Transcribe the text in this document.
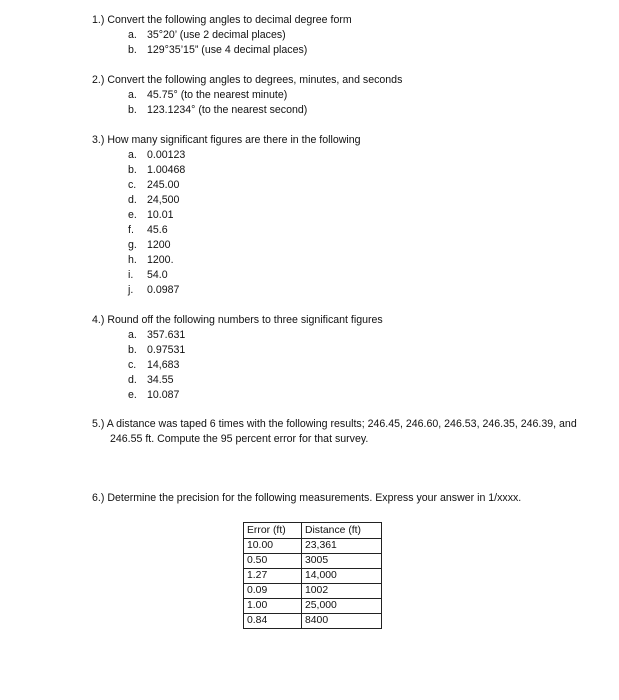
1.) Convert the following angles to decimal degree form
a. 35°20’ (use 2 decimal places)
b. 129°35’15” (use 4 decimal places)
2.) Convert the following angles to degrees, minutes, and seconds
a. 45.75° (to the nearest minute)
b. 123.1234° (to the nearest second)
3.) How many significant figures are there in the following
a. 0.00123
b. 1.00468
c. 245.00
d. 24,500
e. 10.01
f. 45.6
g. 1200
h. 1200.
i. 54.0
j. 0.0987
4.) Round off the following numbers to three significant figures
a. 357.631
b. 0.97531
c. 14,683
d. 34.55
e. 10.087
5.) A distance was taped 6 times with the following results; 246.45, 246.60, 246.53, 246.35, 246.39, and 246.55 ft. Compute the 95 percent error for that survey.
6.) Determine the precision for the following measurements. Express your answer in 1/xxxx.
Error (ft)	Distance (ft)
10.00	23,361
0.50	3005
1.27	14,000
0.09	1002
1.00	25,000
0.84	8400
